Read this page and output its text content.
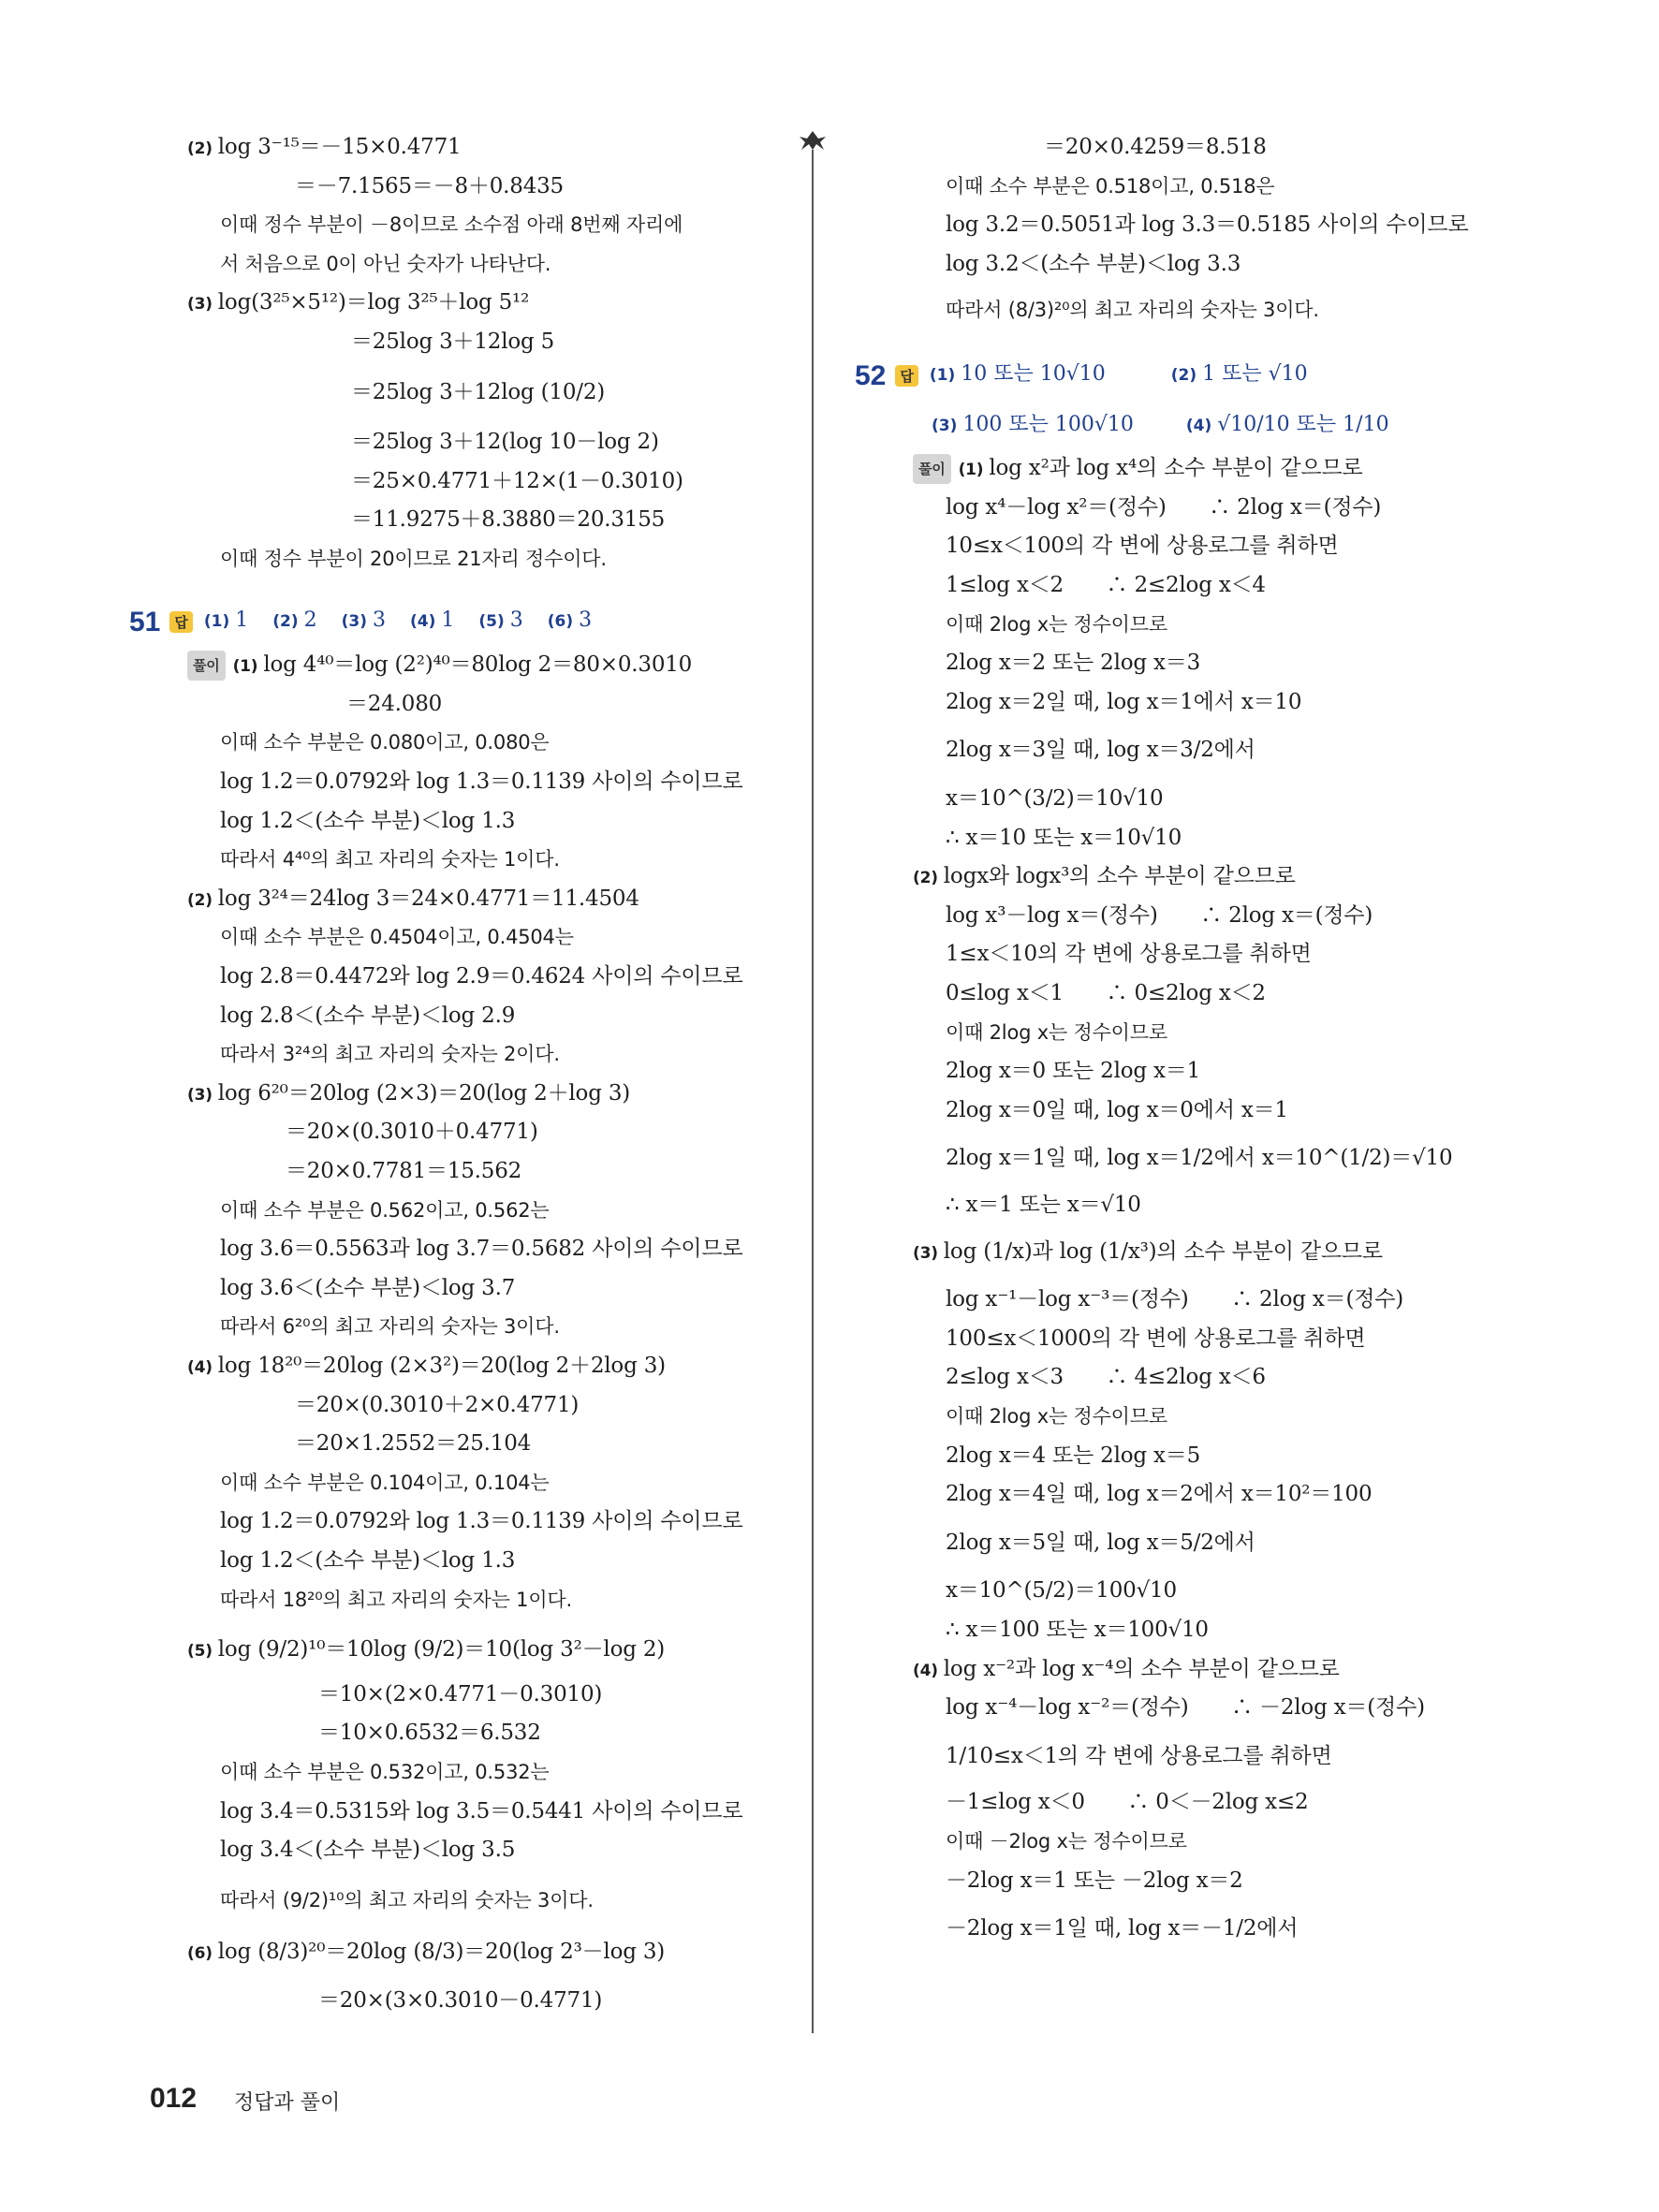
(2) log 3⁻¹⁵＝－15×0.4771
＝－7.1565＝－8＋0.8435
이때 정수 부분이 －8이므로 소수점 아래 8번째 자리에
서 처음으로 0이 아닌 숫자가 나타난다.
(3) log(3²⁵×5¹²)＝log 3²⁵＋log 5¹²
＝25log 3＋12log 5
＝25log 3＋12log (10/2)
＝25log 3＋12(log 10－log 2)
＝25×0.4771＋12×(1－0.3010)
＝11.9275＋8.3880＝20.3155
이때 정수 부분이 20이므로 21자리 정수이다.
51 답 (1) 1 (2) 2 (3) 3 (4) 1 (5) 3 (6) 3
풀이 (1) log 4⁴⁰＝log (2²)⁴⁰＝80log 2＝80×0.3010
＝24.080
이때 소수 부분은 0.080이고, 0.080은
log 1.2＝0.0792와 log 1.3＝0.1139 사이의 수이므로
log 1.2＜(소수 부분)＜log 1.3
따라서 4⁴⁰의 최고 자리의 숫자는 1이다.
(2) log 3²⁴＝24log 3＝24×0.4771＝11.4504
이때 소수 부분은 0.4504이고, 0.4504는
log 2.8＝0.4472와 log 2.9＝0.4624 사이의 수이므로
log 2.8＜(소수 부분)＜log 2.9
따라서 3²⁴의 최고 자리의 숫자는 2이다.
(3) log 6²⁰＝20log (2×3)＝20(log 2＋log 3)
＝20×(0.3010＋0.4771)
＝20×0.7781＝15.562
이때 소수 부분은 0.562이고, 0.562는
log 3.6＝0.5563과 log 3.7＝0.5682 사이의 수이므로
log 3.6＜(소수 부분)＜log 3.7
따라서 6²⁰의 최고 자리의 숫자는 3이다.
(4) log 18²⁰＝20log (2×3²)＝20(log 2＋2log 3)
＝20×(0.3010＋2×0.4771)
＝20×1.2552＝25.104
이때 소수 부분은 0.104이고, 0.104는
log 1.2＝0.0792와 log 1.3＝0.1139 사이의 수이므로
log 1.2＜(소수 부분)＜log 1.3
따라서 18²⁰의 최고 자리의 숫자는 1이다.
(5) log (9/2)¹⁰＝10log (9/2)＝10(log 3²－log 2)
＝10×(2×0.4771－0.3010)
＝10×0.6532＝6.532
이때 소수 부분은 0.532이고, 0.532는
log 3.4＝0.5315와 log 3.5＝0.5441 사이의 수이므로
log 3.4＜(소수 부분)＜log 3.5
따라서 (9/2)¹⁰의 최고 자리의 숫자는 3이다.
(6) log (8/3)²⁰＝20log (8/3)＝20(log 2³－log 3)
＝20×(3×0.3010－0.4771)
＝20×0.4259＝8.518
이때 소수 부분은 0.518이고, 0.518은
log 3.2＝0.5051과 log 3.3＝0.5185 사이의 수이므로
log 3.2＜(소수 부분)＜log 3.3
따라서 (8/3)²⁰의 최고 자리의 숫자는 3이다.
52 답 (1) 10 또는 10√10	(2) 1 또는 √10
(3) 100 또는 100√10	(4) √10/10 또는 1/10
풀이 (1) log x²과 log x⁴의 소수 부분이 같으므로
log x⁴－log x²＝(정수)　　∴ 2log x＝(정수)
10≤x＜100의 각 변에 상용로그를 취하면
1≤log x＜2　　∴ 2≤2log x＜4
이때 2log x는 정수이므로
2log x＝2 또는 2log x＝3
2log x＝2일 때, log x＝1에서 x＝10
2log x＝3일 때, log x＝3/2에서
x＝10^(3/2)＝10√10
∴ x＝10 또는 x＝10√10
(2) logx와 logx³의 소수 부분이 같으므로
log x³－log x＝(정수)　　∴ 2log x＝(정수)
1≤x＜10의 각 변에 상용로그를 취하면
0≤log x＜1　　∴ 0≤2log x＜2
이때 2log x는 정수이므로
2log x＝0 또는 2log x＝1
2log x＝0일 때, log x＝0에서 x＝1
2log x＝1일 때, log x＝1/2에서 x＝10^(1/2)＝√10
∴ x＝1 또는 x＝√10
(3) log (1/x)과 log (1/x³)의 소수 부분이 같으므로
log x⁻¹－log x⁻³＝(정수)　　∴ 2log x＝(정수)
100≤x＜1000의 각 변에 상용로그를 취하면
2≤log x＜3　　∴ 4≤2log x＜6
이때 2log x는 정수이므로
2log x＝4 또는 2log x＝5
2log x＝4일 때, log x＝2에서 x＝10²＝100
2log x＝5일 때, log x＝5/2에서
x＝10^(5/2)＝100√10
∴ x＝100 또는 x＝100√10
(4) log x⁻²과 log x⁻⁴의 소수 부분이 같으므로
log x⁻⁴－log x⁻²＝(정수)　　∴ －2log x＝(정수)
1/10≤x＜1의 각 변에 상용로그를 취하면
－1≤log x＜0　　∴ 0＜－2log x≤2
이때 －2log x는 정수이므로
－2log x＝1 또는 －2log x＝2
－2log x＝1일 때, log x＝－1/2에서
012 정답과 풀이
